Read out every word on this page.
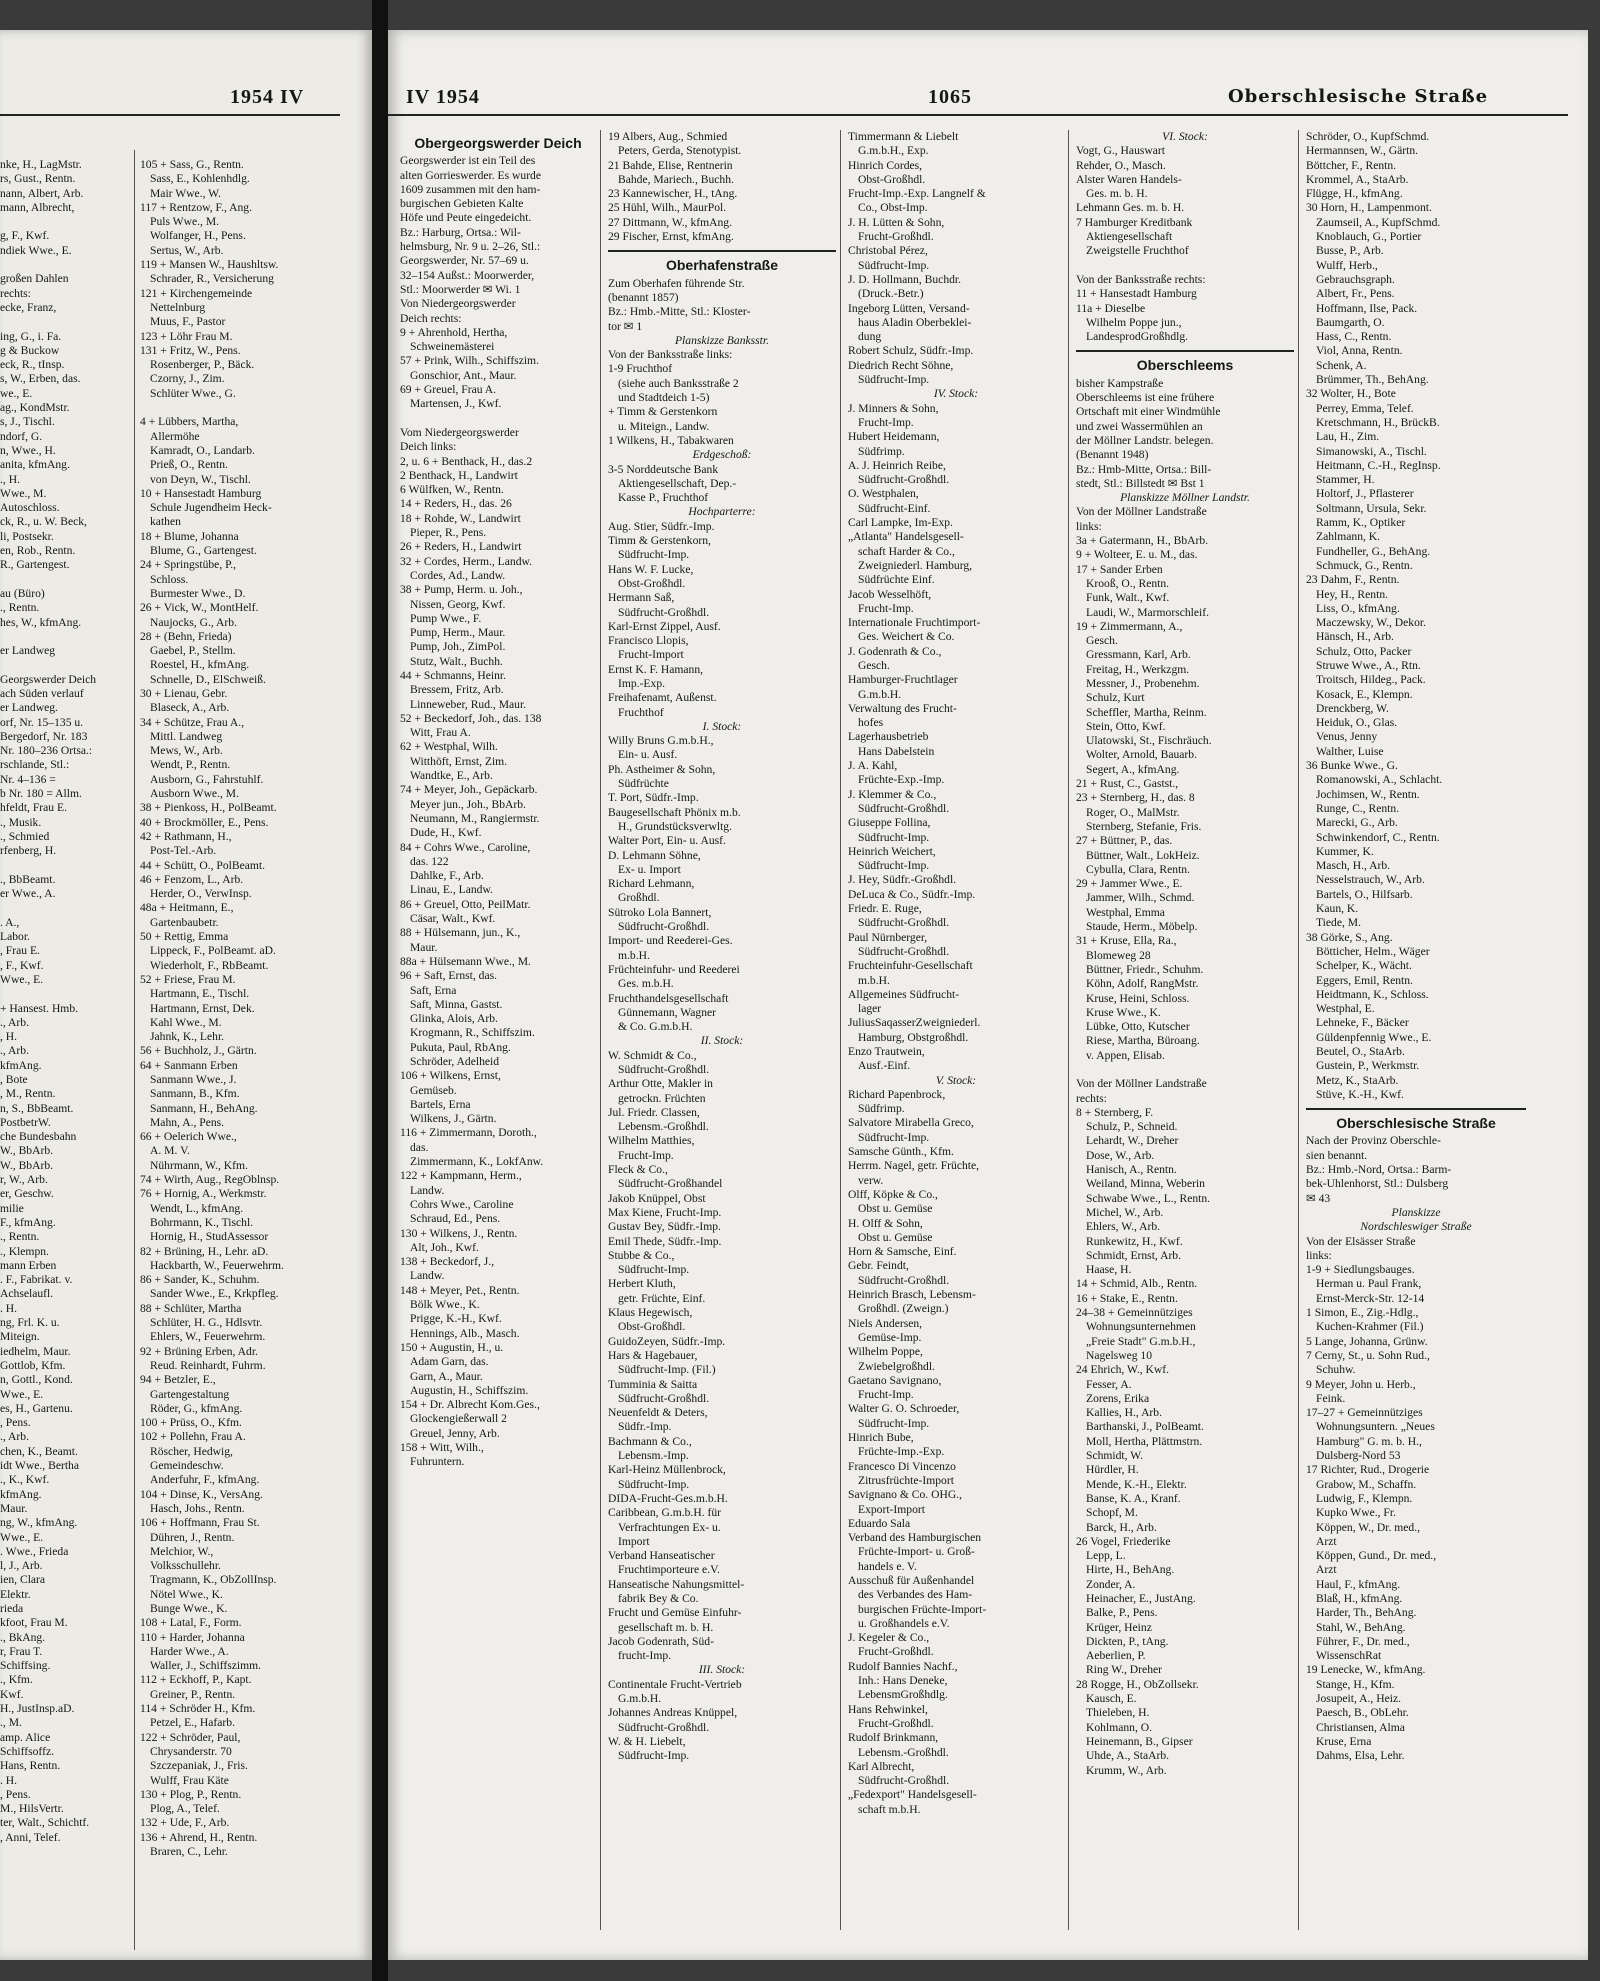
1954 IV
nke, H., LagMstr.
rs, Gust., Rentn.
nann, Albert, Arb.
mann, Albrecht,

g, F., Kwf.
ndiek Wwe., E.

großen Dahlen
rechts:
ecke, Franz,

ing, G., i. Fa.
g & Buckow
eck, R., tInsp.
s, W., Erben, das.
we., E.
ag., KondMstr.
s, J., Tischl.
ndorf, G.
n, Wwe., H.
anita, kfmAng.
., H.
Wwe., M.
Autoschloss.
ck, R., u. W. Beck,
li, Postsekr.
en, Rob., Rentn.
R., Gartengest.

au (Büro)
., Rentn.
hes, W., kfmAng.

er Landweg

Georgswerder Deich
ach Süden verlauf
er Landweg.
orf, Nr. 15–135 u.
Bergedorf, Nr. 183
Nr. 180–236 Ortsa.:
rschlande, Stl.:
Nr. 4–136 =
b Nr. 180 = Allm.
hfeldt, Frau E.
., Musik.
., Schmied
rfenberg, H.

., BbBeamt.
er Wwe., A.

. A.,
Labor.
, Frau E.
, F., Kwf.
Wwe., E.

+ Hansest. Hmb.
., Arb.
, H.
., Arb.
kfmAng.
, Bote
, M., Rentn.
n, S., BbBeamt.
PostbetrW.
che Bundesbahn
W., BbArb.
W., BbArb.
r, W., Arb.
er, Geschw.
milie
F., kfmAng.
., Rentn.
., Klempn.
mann Erben
. F., Fabrikat. v.
Achselaufl.
. H.
ng, Frl. K. u.
Miteign.
iedhelm, Maur.
Gottlob, Kfm.
n, Gottl., Kond.
Wwe., E.
es, H., Gartenu.
, Pens.
., Arb.
chen, K., Beamt.
idt Wwe., Bertha
., K., Kwf.
kfmAng.
Maur.
ng, W., kfmAng.
Wwe., E.
. Wwe., Frieda
l, J., Arb.
ien, Clara
Elektr.
rieda
kfoot, Frau M.
., BkAng.
r, Frau T.
Schiffsing.
., Kfm.
Kwf.
H., JustInsp.aD.
., M.
amp. Alice
Schiffsoffz.
Hans, Rentn.
. H.
, Pens.
M., HilsVertr.
ter, Walt., Schichtf.
, Anni, Telef.
105 + Sass, G., Rentn.
Sass, E., Kohlenhdlg.
Mair Wwe., W.
117 + Rentzow, F., Ang.
Puls Wwe., M.
Wolfanger, H., Pens.
Sertus, W., Arb.
119 + Mansen W., Haushltsw.
Schrader, R., Versicherung
121 + Kirchengemeinde
Nettelnburg
Muus, F., Pastor
123 + Löhr Frau M.
131 + Fritz, W., Pens.
Rosenberger, P., Bäck.
Czorny, J., Zim.
Schlüter Wwe., G.

4 + Lübbers, Martha,
Allermöhe
Kamradt, O., Landarb.
Prieß, O., Rentn.
von Deyn, W., Tischl.
10 + Hansestadt Hamburg
Schule Jugendheim Heck-
kathen
18 + Blume, Johanna
Blume, G., Gartengest.
24 + Springstübe, P.,
Schloss.
Burmester Wwe., D.
26 + Vick, W., MontHelf.
Naujocks, G., Arb.
28 + (Behn, Frieda)
Gaebel, P., Stellm.
Roestel, H., kfmAng.
Schnelle, D., ElSchweiß.
30 + Lienau, Gebr.
Blaseck, A., Arb.
34 + Schütze, Frau A.,
Mittl. Landweg
Mews, W., Arb.
Wendt, P., Rentn.
Ausborn, G., Fahrstuhlf.
Ausborn Wwe., M.
38 + Pienkoss, H., PolBeamt.
40 + Brockmöller, E., Pens.
42 + Rathmann, H.,
Post-Tel.-Arb.
44 + Schütt, O., PolBeamt.
46 + Fenzom, L., Arb.
Herder, O., VerwInsp.
48a + Heitmann, E.,
Gartenbaubetr.
50 + Rettig, Emma
Lippeck, F., PolBeamt. aD.
Wiederholt, F., RbBeamt.
52 + Friese, Frau M.
Hartmann, E., Tischl.
Hartmann, Ernst, Dek.
Kahl Wwe., M.
Jahnk, K., Lehr.
56 + Buchholz, J., Gärtn.
64 + Sanmann Erben
Sanmann Wwe., J.
Sanmann, B., Kfm.
Sanmann, H., BehAng.
Mahn, A., Pens.
66 + Oelerich Wwe.,
A. M. V.
Nührmann, W., Kfm.
74 + Wirth, Aug., RegOblnsp.
76 + Hornig, A., Werkmstr.
Wendt, L., kfmAng.
Bohrmann, K., Tischl.
Hornig, H., StudAssessor
82 + Brüning, H., Lehr. aD.
Hackbarth, W., Feuerwehrm.
86 + Sander, K., Schuhm.
Sander Wwe., E., Krkpfleg.
88 + Schlüter, Martha
Schlüter, H. G., Hdlsvtr.
Ehlers, W., Feuerwehrm.
92 + Brüning Erben, Adr.
Reud. Reinhardt, Fuhrm.
94 + Betzler, E.,
Gartengestaltung
Röder, G., kfmAng.
100 + Prüss, O., Kfm.
102 + Pollehn, Frau A.
Röscher, Hedwig,
Gemeindeschw.
Anderfuhr, F., kfmAng.
104 + Dinse, K., VersAng.
Hasch, Johs., Rentn.
106 + Hoffmann, Frau St.
Dühren, J., Rentn.
Melchior, W.,
Volksschullehr.
Tragmann, K., ObZollInsp.
Nötel Wwe., K.
Bunge Wwe., K.
108 + Latal, F., Form.
110 + Harder, Johanna
Harder Wwe., A.
Waller, J., Schiffszimm.
112 + Eckhoff, P., Kapt.
Greiner, P., Rentn.
114 + Schröder H., Kfm.
Petzel, E., Hafarb.
122 + Schröder, Paul,
Chrysanderstr. 70
Szczepaniak, J., Fris.
Wulff, Frau Käte
130 + Plog, P., Rentn.
Plog, A., Telef.
132 + Ude, F., Arb.
136 + Ahrend, H., Rentn.
Braren, C., Lehr.
IV 1954	1065	Oberschlesische Straße
Obergeorgswerder Deich
Georgswerder ist ein Teil des
alten Gorrieswerder. Es wurde
1609 zusammen mit den ham-
burgischen Gebieten Kalte
Höfe und Peute eingedeicht.
Bz.: Harburg, Ortsa.: Wil-
helmsburg, Nr. 9 u. 2–26, Stl.:
Georgswerder, Nr. 57–69 u.
32–154 Außst.: Moorwerder,
Stl.: Moorwerder ✉ Wi. 1
Von Niedergeorgswerder
Deich rechts:
9 + Ahrenhold, Hertha,
Schweinemästerei
57 + Prink, Wilh., Schiffszim.
Gonschior, Ant., Maur.
69 + Greuel, Frau A.
Martensen, J., Kwf.

Vom Niedergeorgswerder
Deich links:
2, u. 6 + Benthack, H., das.2
2 Benthack, H., Landwirt
6 Wülfken, W., Rentn.
14 + Reders, H., das. 26
18 + Rohde, W., Landwirt
Pieper, R., Pens.
26 + Reders, H., Landwirt
32 + Cordes, Herm., Landw.
Cordes, Ad., Landw.
38 + Pump, Herm. u. Joh.,
Nissen, Georg, Kwf.
Pump Wwe., F.
Pump, Herm., Maur.
Pump, Joh., ZimPol.
Stutz, Walt., Buchh.
44 + Schmanns, Heinr.
Bressem, Fritz, Arb.
Linneweber, Rud., Maur.
52 + Beckedorf, Joh., das. 138
Witt, Frau A.
62 + Westphal, Wilh.
Witthöft, Ernst, Zim.
Wandtke, E., Arb.
74 + Meyer, Joh., Gepäckarb.
Meyer jun., Joh., BbArb.
Neumann, M., Rangiermstr.
Dude, H., Kwf.
84 + Cohrs Wwe., Caroline,
das. 122
Dahlke, F., Arb.
Linau, E., Landw.
86 + Greuel, Otto, PeilMatr.
Cäsar, Walt., Kwf.
88 + Hülsemann, jun., K.,
Maur.
88a + Hülsemann Wwe., M.
96 + Saft, Ernst, das.
Saft, Erna
Saft, Minna, Gastst.
Glinka, Alois, Arb.
Krogmann, R., Schiffszim.
Pukuta, Paul, RbAng.
Schröder, Adelheid
106 + Wilkens, Ernst,
Gemüseb.
Bartels, Erna
Wilkens, J., Gärtn.
116 + Zimmermann, Doroth.,
das.
Zimmermann, K., LokfAnw.
122 + Kampmann, Herm.,
Landw.
Cohrs Wwe., Caroline
Schraud, Ed., Pens.
130 + Wilkens, J., Rentn.
Alt, Joh., Kwf.
138 + Beckedorf, J.,
Landw.
148 + Meyer, Pet., Rentn.
Bölk Wwe., K.
Prigge, K.-H., Kwf.
Hennings, Alb., Masch.
150 + Augustin, H., u.
Adam Garn, das.
Garn, A., Maur.
Augustin, H., Schiffszim.
154 + Dr. Albrecht Kom.Ges.,
Glockengießerwall 2
Greuel, Jenny, Arb.
158 + Witt, Wilh.,
Fuhruntern.
19 Albers, Aug., Schmied
Peters, Gerda, Stenotypist.
21 Bahde, Elise, Rentnerin
Bahde, Mariech., Buchh.
23 Kannewischer, H., tAng.
25 Hühl, Wilh., MaurPol.
27 Dittmann, W., kfmAng.
29 Fischer, Ernst, kfmAng.
Oberhafenstraße
Zum Oberhafen führende Str.
(benannt 1857)
Bz.: Hmb.-Mitte, Stl.: Kloster-
tor ✉ 1
Planskizze Banksstr.
Von der Banksstraße links:
1-9 Fruchthof
(siehe auch Banksstraße 2
und Stadtdeich 1-5)
+ Timm & Gerstenkorn
u. Miteign., Landw.
1 Wilkens, H., Tabakwaren
Erdgeschoß:
3-5 Norddeutsche Bank
Aktiengesellschaft, Dep.-
Kasse P., Fruchthof
Hochparterre:
Aug. Stier, Südfr.-Imp.
Timm & Gerstenkorn,
Südfrucht-Imp.
Hans W. F. Lucke,
Obst-Großhdl.
Hermann Saß,
Südfrucht-Großhdl.
Karl-Ernst Zippel, Ausf.
Francisco Llopis,
Frucht-Import
Ernst K. F. Hamann,
Imp.-Exp.
Freihafenamt, Außenst.
Fruchthof
I. Stock:
Willy Bruns G.m.b.H.,
Ein- u. Ausf.
Ph. Astheimer & Sohn,
Südfrüchte
T. Port, Südfr.-Imp.
Baugesellschaft Phönix m.b.
H., Grundstücksverwltg.
Walter Port, Ein- u. Ausf.
D. Lehmann Söhne,
Ex- u. Import
Richard Lehmann,
Großhdl.
Sütroko Lola Bannert,
Südfrucht-Großhdl.
Import- und Reederei-Ges.
m.b.H.
Früchteinfuhr- und Reederei
Ges. m.b.H.
Fruchthandelsgesellschaft
Günnemann, Wagner
& Co. G.m.b.H.
II. Stock:
W. Schmidt & Co.,
Südfrucht-Großhdl.
Arthur Otte, Makler in
getrockn. Früchten
Jul. Friedr. Classen,
Lebensm.-Großhdl.
Wilhelm Matthies,
Frucht-Imp.
Fleck & Co.,
Südfrucht-Großhandel
Jakob Knüppel, Obst
Max Kiene, Frucht-Imp.
Gustav Bey, Südfr.-Imp.
Emil Thede, Südfr.-Imp.
Stubbe & Co.,
Südfrucht-Imp.
Herbert Kluth,
getr. Früchte, Einf.
Klaus Hegewisch,
Obst-Großhdl.
GuidoZeyen, Südfr.-Imp.
Hars & Hagebauer,
Südfrucht-Imp. (Fil.)
Tumminia & Saitta
Südfrucht-Großhdl.
Neuenfeldt & Deters,
Südfr.-Imp.
Bachmann & Co.,
Lebensm.-Imp.
Karl-Heinz Müllenbrock,
Südfrucht-Imp.
DIDA-Frucht-Ges.m.b.H.
Caribbean, G.m.b.H. für
Verfrachtungen Ex- u.
Import
Verband Hanseatischer
Fruchtimporteure e.V.
Hanseatische Nahungsmittel-
fabrik Bey & Co.
Frucht und Gemüse Einfuhr-
gesellschaft m. b. H.
Jacob Godenrath, Süd-
frucht-Imp.
III. Stock:
Continentale Frucht-Vertrieb
G.m.b.H.
Johannes Andreas Knüppel,
Südfrucht-Großhdl.
W. & H. Liebelt,
Südfrucht-Imp.
Timmermann & Liebelt
G.m.b.H., Exp.
Hinrich Cordes,
Obst-Großhdl.
Frucht-Imp.-Exp. Langnelf &
Co., Obst-Imp.
J. H. Lütten & Sohn,
Frucht-Großhdl.
Christobal Pérez,
Südfrucht-Imp.
J. D. Hollmann, Buchdr.
(Druck.-Betr.)
Ingeborg Lütten, Versand-
haus Aladin Oberbeklei-
dung
Robert Schulz, Südfr.-Imp.
Diedrich Recht Söhne,
Südfrucht-Imp.
IV. Stock:
J. Minners & Sohn,
Frucht-Imp.
Hubert Heidemann,
Südfrimp.
A. J. Heinrich Reibe,
Südfrucht-Großhdl.
O. Westphalen,
Südfrucht-Einf.
Carl Lampke, Im-Exp.
„Atlanta" Handelsgesell-
schaft Harder & Co.,
Zweigniederl. Hamburg,
Südfrüchte Einf.
Jacob Wesselhöft,
Frucht-Imp.
Internationale Fruchtimport-
Ges. Weichert & Co.
J. Godenrath & Co.,
Gesch.
Hamburger-Fruchtlager
G.m.b.H.
Verwaltung des Frucht-
hofes
Lagerhausbetrieb
Hans Dabelstein
J. A. Kahl,
Früchte-Exp.-Imp.
J. Klemmer & Co.,
Südfrucht-Großhdl.
Giuseppe Follina,
Südfrucht-Imp.
Heinrich Weichert,
Südfrucht-Imp.
J. Hey, Südfr.-Großhdl.
DeLuca & Co., Südfr.-Imp.
Friedr. E. Ruge,
Südfrucht-Großhdl.
Paul Nürnberger,
Südfrucht-Großhdl.
Fruchteinfuhr-Gesellschaft
m.b.H.
Allgemeines Südfrucht-
lager
JuliusSaqasserZweigniederl.
Hamburg, Obstgroßhdl.
Enzo Trautwein,
Ausf.-Einf.
V. Stock:
Richard Papenbrock,
Südfrimp.
Salvatore Mirabella Greco,
Südfrucht-Imp.
Samsche Günth., Kfm.
Herrm. Nagel, getr. Früchte,
verw.
Olff, Köpke & Co.,
Obst u. Gemüse
H. Olff & Sohn,
Obst u. Gemüse
Horn & Samsche, Einf.
Gebr. Feindt,
Südfrucht-Großhdl.
Heinrich Brasch, Lebensm-
Großhdl. (Zweign.)
Niels Andersen,
Gemüse-Imp.
Wilhelm Poppe,
Zwiebelgroßhdl.
Gaetano Savignano,
Frucht-Imp.
Walter G. O. Schroeder,
Südfrucht-Imp.
Hinrich Bube,
Früchte-Imp.-Exp.
Francesco Di Vincenzo
Zitrusfrüchte-Import
Savignano & Co. OHG.,
Export-Import
Eduardo Sala
Verband des Hamburgischen
Früchte-Import- u. Groß-
handels e. V.
Ausschuß für Außenhandel
des Verbandes des Ham-
burgischen Früchte-Import-
u. Großhandels e.V.
J. Kegeler & Co.,
Frucht-Großhdl.
Rudolf Bannies Nachf.,
Inh.: Hans Deneke,
LebensmGroßhdlg.
Hans Rehwinkel,
Frucht-Großhdl.
Rudolf Brinkmann,
Lebensm.-Großhdl.
Karl Albrecht,
Südfrucht-Großhdl.
„Fedexport" Handelsgesell-
schaft m.b.H.
VI. Stock:
Vogt, G., Hauswart
Rehder, O., Masch.
Alster Waren Handels-
Ges. m. b. H.
Lehmann Ges. m. b. H.
7 Hamburger Kreditbank
Aktiengesellschaft
Zweigstelle Fruchthof

Von der Banksstraße rechts:
11 + Hansestadt Hamburg
11a + Dieselbe
Wilhelm Poppe jun.,
LandesprodGroßhdlg.
Oberschleems
bisher Kampstraße
Oberschleems ist eine frühere
Ortschaft mit einer Windmühle
und zwei Wassermühlen an
der Möllner Landstr. belegen.
(Benannt 1948)
Bz.: Hmb-Mitte, Ortsa.: Bill-
stedt, Stl.: Billstedt ✉ Bst 1
Planskizze Möllner Landstr.
Von der Möllner Landstraße
links:
3a + Gatermann, H., BbArb.
9 + Wolteer, E. u. M., das.
17 + Sander Erben
Krooß, O., Rentn.
Funk, Walt., Kwf.
Laudi, W., Marmorschleif.
19 + Zimmermann, A.,
Gesch.
Gressmann, Karl, Arb.
Freitag, H., Werkzgm.
Messner, J., Probenehm.
Schulz, Kurt
Scheffler, Martha, Reinm.
Stein, Otto, Kwf.
Ulatowski, St., Fischräuch.
Wolter, Arnold, Bauarb.
Segert, A., kfmAng.
21 + Rust, C., Gastst.,
23 + Sternberg, H., das. 8
Roger, O., MalMstr.
Sternberg, Stefanie, Fris.
27 + Büttner, P., das.
Büttner, Walt., LokHeiz.
Cybulla, Clara, Rentn.
29 + Jammer Wwe., E.
Jammer, Wilh., Schmd.
Westphal, Emma
Staude, Herm., Möbelp.
31 + Kruse, Ella, Ra.,
Blomeweg 28
Büttner, Friedr., Schuhm.
Köhn, Adolf, RangMstr.
Kruse, Heini, Schloss.
Kruse Wwe., K.
Lübke, Otto, Kutscher
Riese, Martha, Büroang.
v. Appen, Elisab.

Von der Möllner Landstraße
rechts:
8 + Sternberg, F.
Schulz, P., Schneid.
Lehardt, W., Dreher
Dose, W., Arb.
Hanisch, A., Rentn.
Weiland, Minna, Weberin
Schwabe Wwe., L., Rentn.
Michel, W., Arb.
Ehlers, W., Arb.
Runkewitz, H., Kwf.
Schmidt, Ernst, Arb.
Haase, H.
14 + Schmid, Alb., Rentn.
16 + Stake, E., Rentn.
24–38 + Gemeinnütziges
Wohnungsunternehmen
„Freie Stadt" G.m.b.H.,
Nagelsweg 10
24 Ehrich, W., Kwf.
Fesser, A.
Zorens, Erika
Kallies, H., Arb.
Barthanski, J., PolBeamt.
Moll, Hertha, Plättmstrn.
Schmidt, W.
Hürdler, H.
Mende, K.-H., Elektr.
Banse, K. A., Kranf.
Schopf, M.
Barck, H., Arb.
26 Vogel, Friederike
Lepp, L.
Hirte, H., BehAng.
Zonder, A.
Heinacher, E., JustAng.
Balke, P., Pens.
Krüger, Heinz
Dickten, P., tAng.
Aeberlien, P.
Ring W., Dreher
28 Rogge, H., ObZollsekr.
Kausch, E.
Thieleben, H.
Kohlmann, O.
Heinemann, B., Gipser
Uhde, A., StaArb.
Krumm, W., Arb.
Schröder, O., KupfSchmd.
Hermannsen, W., Gärtn.
Böttcher, F., Rentn.
Krommel, A., StaArb.
Flügge, H., kfmAng.
30 Horn, H., Lampenmont.
Zaumseil, A., KupfSchmd.
Knoblauch, G., Portier
Busse, P., Arb.
Wulff, Herb.,
Gebrauchsgraph.
Albert, Fr., Pens.
Hoffmann, Ilse, Pack.
Baumgarth, O.
Hass, C., Rentn.
Viol, Anna, Rentn.
Schenk, A.
Brümmer, Th., BehAng.
32 Wolter, H., Bote
Perrey, Emma, Telef.
Kretschmann, H., BrückB.
Lau, H., Zim.
Simanowski, A., Tischl.
Heitmann, C.-H., RegInsp.
Stammer, H.
Holtorf, J., Pflasterer
Soltmann, Ursula, Sekr.
Ramm, K., Optiker
Zahlmann, K.
Fundheller, G., BehAng.
Schmuck, G., Rentn.
23 Dahm, F., Rentn.
Hey, H., Rentn.
Liss, O., kfmAng.
Maczewsky, W., Dekor.
Hänsch, H., Arb.
Schulz, Otto, Packer
Struwe Wwe., A., Rtn.
Troitsch, Hildeg., Pack.
Kosack, E., Klempn.
Drenckberg, W.
Heiduk, O., Glas.
Venus, Jenny
Walther, Luise
36 Bunke Wwe., G.
Romanowski, A., Schlacht.
Jochimsen, W., Rentn.
Runge, C., Rentn.
Marecki, G., Arb.
Schwinkendorf, C., Rentn.
Kummer, K.
Masch, H., Arb.
Nesselstrauch, W., Arb.
Bartels, O., Hilfsarb.
Kaun, K.
Tiede, M.
38 Görke, S., Ang.
Bötticher, Helm., Wäger
Schelper, K., Wächt.
Eggers, Emil, Rentn.
Heidtmann, K., Schloss.
Westphal, E.
Lehneke, F., Bäcker
Güldenpfennig Wwe., E.
Beutel, O., StaArb.
Gustein, P., Werkmstr.
Metz, K., StaArb.
Stüve, K.-H., Kwf.
Oberschlesische Straße
Nach der Provinz Oberschle-
sien benannt.
Bz.: Hmb.-Nord, Ortsa.: Barm-
bek-Uhlenhorst, Stl.: Dulsberg
✉ 43
Planskizze
Nordschleswiger Straße
Von der Elsässer Straße
links:
1-9 + Siedlungsbauges.
Herman u. Paul Frank,
Ernst-Merck-Str. 12-14
1 Simon, E., Zig.-Hdlg.,
Kuchen-Krahmer (Fil.)
5 Lange, Johanna, Grünw.
7 Cerny, St., u. Sohn Rud.,
Schuhw.
9 Meyer, John u. Herb.,
Feink.
17–27 + Gemeinnütziges
Wohnungsuntern. „Neues
Hamburg" G. m. b. H.,
Dulsberg-Nord 53
17 Richter, Rud., Drogerie
Grabow, M., Schaffn.
Ludwig, F., Klempn.
Kupko Wwe., Fr.
Köppen, W., Dr. med.,
Arzt
Köppen, Gund., Dr. med.,
Arzt
Haul, F., kfmAng.
Blaß, H., kfmAng.
Harder, Th., BehAng.
Stahl, W., BehAng.
Führer, F., Dr. med.,
WissenschRat
19 Lenecke, W., kfmAng.
Stange, H., Kfm.
Josupeit, A., Heiz.
Paesch, B., ObLehr.
Christiansen, Alma
Kruse, Erna
Dahms, Elsa, Lehr.
